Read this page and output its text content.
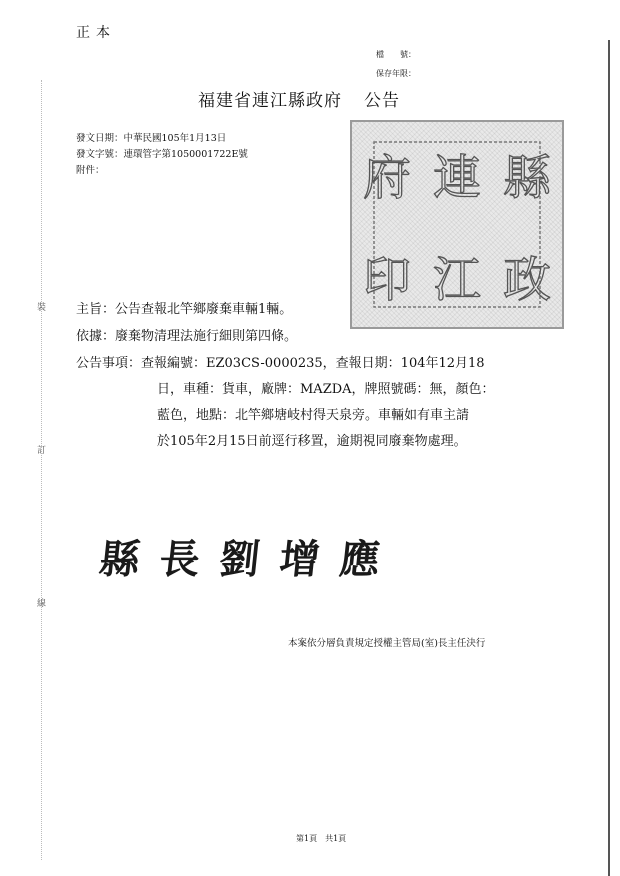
正本
檔　　號：
保存年限：
福建省連江縣政府 公告
發文日期：中華民國105年1月13日
發文字號：連環管字第1050001722E號
附件：	府 連 縣
印 江 政
裝
訂
線
主旨：公告查報北竿鄉廢棄車輛1輛。
依據：廢棄物清理法施行細則第四條。
公告事項：查報編號：EZ03CS-0000235，查報日期：104年12月18
日，車種：貨車，廠牌：MAZDA，牌照號碼：無，顏色：
藍色，地點：北竿鄉塘岐村得天泉旁。車輛如有車主請
於105年2月15日前逕行移置，逾期視同廢棄物處理。
縣長劉增應
本案依分層負責規定授權主管局(室)長主任決行
第1頁　共1頁
